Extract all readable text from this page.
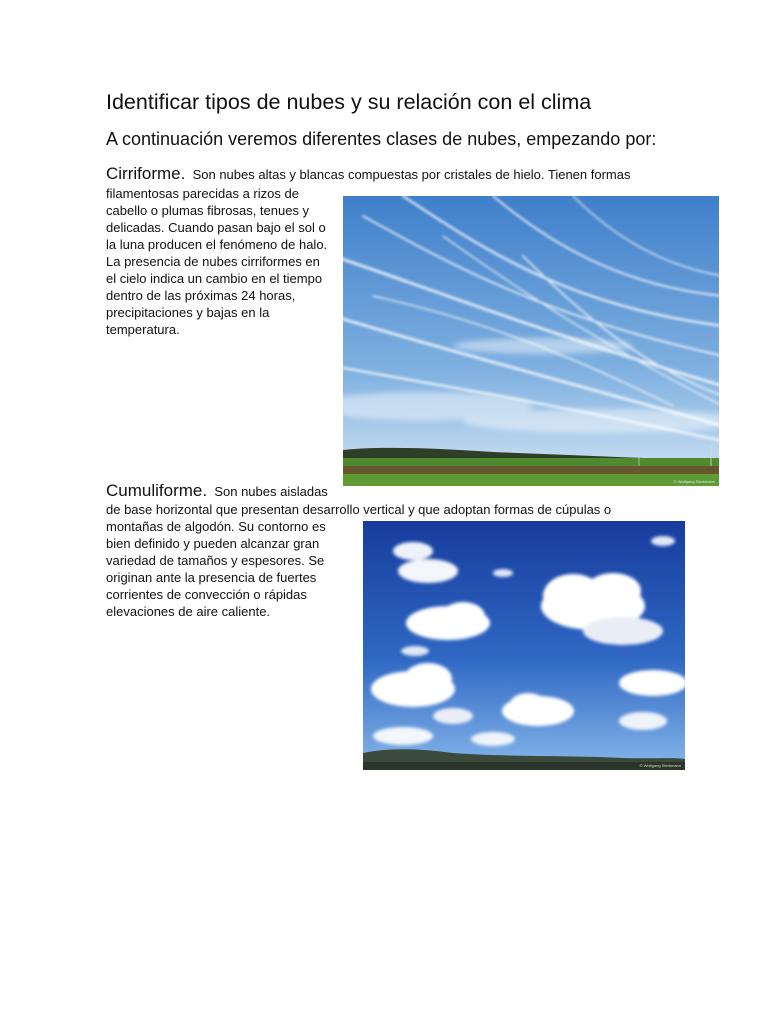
Identificar tipos de nubes y su relación con el clima

A continuación veremos diferentes clases de nubes, empezando por:

Cirriforme. Son nubes altas y blancas compuestas por cristales de hielo. Tienen formas

filamentosas parecidas a rizos de
cabello o plumas fibrosas, tenues y
delicadas. Cuando pasan bajo el sol o
la luna producen el fenómeno de halo.
La presencia de nubes cirriformes en
el cielo indica un cambio en el tiempo
dentro de las próximas 24 horas,
precipitaciones y bajas en la
temperatura.
© Wolfgang Sterkmann

Cumuliforme. Son nubes aisladas

de base horizontal que presentan desarrollo vertical y que adoptan formas de cúpulas o

montañas de algodón. Su contorno es
bien definido y pueden alcanzar gran
variedad de tamaños y espesores. Se
originan ante la presencia de fuertes
corrientes de convección o rápidas
elevaciones de aire caliente.
© Wolfgang Sterkmann
